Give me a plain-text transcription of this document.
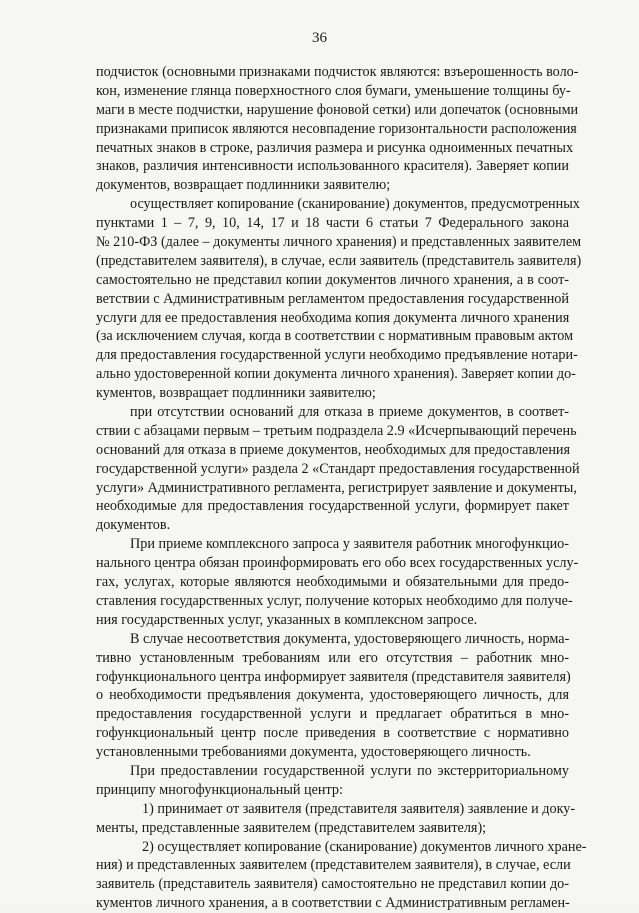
36
подчисток (основными признаками подчисток являются: взъерошенность воло-
кон, изменение глянца поверхностного слоя бумаги, уменьшение толщины бу-
маги в месте подчистки, нарушение фоновой сетки) или допечаток (основными
признаками приписок являются несовпадение горизонтальности расположения
печатных знаков в строке, различия размера и рисунка одноименных печатных
знаков, различия интенсивности использованного красителя). Заверяет копии
документов, возвращает подлинники заявителю;
осуществляет копирование (сканирование) документов, предусмотренных
пунктами 1 – 7, 9, 10, 14, 17 и 18 части 6 статьи 7 Федерального закона
№ 210-ФЗ (далее – документы личного хранения) и представленных заявителем
(представителем заявителя), в случае, если заявитель (представитель заявителя)
самостоятельно не представил копии документов личного хранения, а в соот-
ветствии с Административным регламентом предоставления государственной
услуги для ее предоставления необходима копия документа личного хранения
(за исключением случая, когда в соответствии с нормативным правовым актом
для предоставления государственной услуги необходимо предъявление нотари-
ально удостоверенной копии документа личного хранения). Заверяет копии до-
кументов, возвращает подлинники заявителю;
при отсутствии оснований для отказа в приеме документов, в соответ-
ствии с абзацами первым – третьим подраздела 2.9 «Исчерпывающий перечень
оснований для отказа в приеме документов, необходимых для предоставления
государственной услуги» раздела 2 «Стандарт предоставления государственной
услуги» Административного регламента, регистрирует заявление и документы,
необходимые для предоставления государственной услуги, формирует пакет
документов.
При приеме комплексного запроса у заявителя работник многофункцио-
нального центра обязан проинформировать его обо всех государственных услу-
гах, услугах, которые являются необходимыми и обязательными для предо-
ставления государственных услуг, получение которых необходимо для получе-
ния государственных услуг, указанных в комплексном запросе.
В случае несоответствия документа, удостоверяющего личность, норма-
тивно установленным требованиям или его отсутствия – работник мно-
гофункционального центра информирует заявителя (представителя заявителя)
о необходимости предъявления документа, удостоверяющего личность, для
предоставления государственной услуги и предлагает обратиться в мно-
гофункциональный центр после приведения в соответствие с нормативно
установленными требованиями документа, удостоверяющего личность.
При предоставлении государственной услуги по экстерриториальному
принципу многофункциональный центр:
1) принимает от заявителя (представителя заявителя) заявление и доку-
менты, представленные заявителем (представителем заявителя);
2) осуществляет копирование (сканирование) документов личного хране-
ния) и представленных заявителем (представителем заявителя), в случае, если
заявитель (представитель заявителя) самостоятельно не представил копии до-
кументов личного хранения, а в соответствии с Административным регламен-
